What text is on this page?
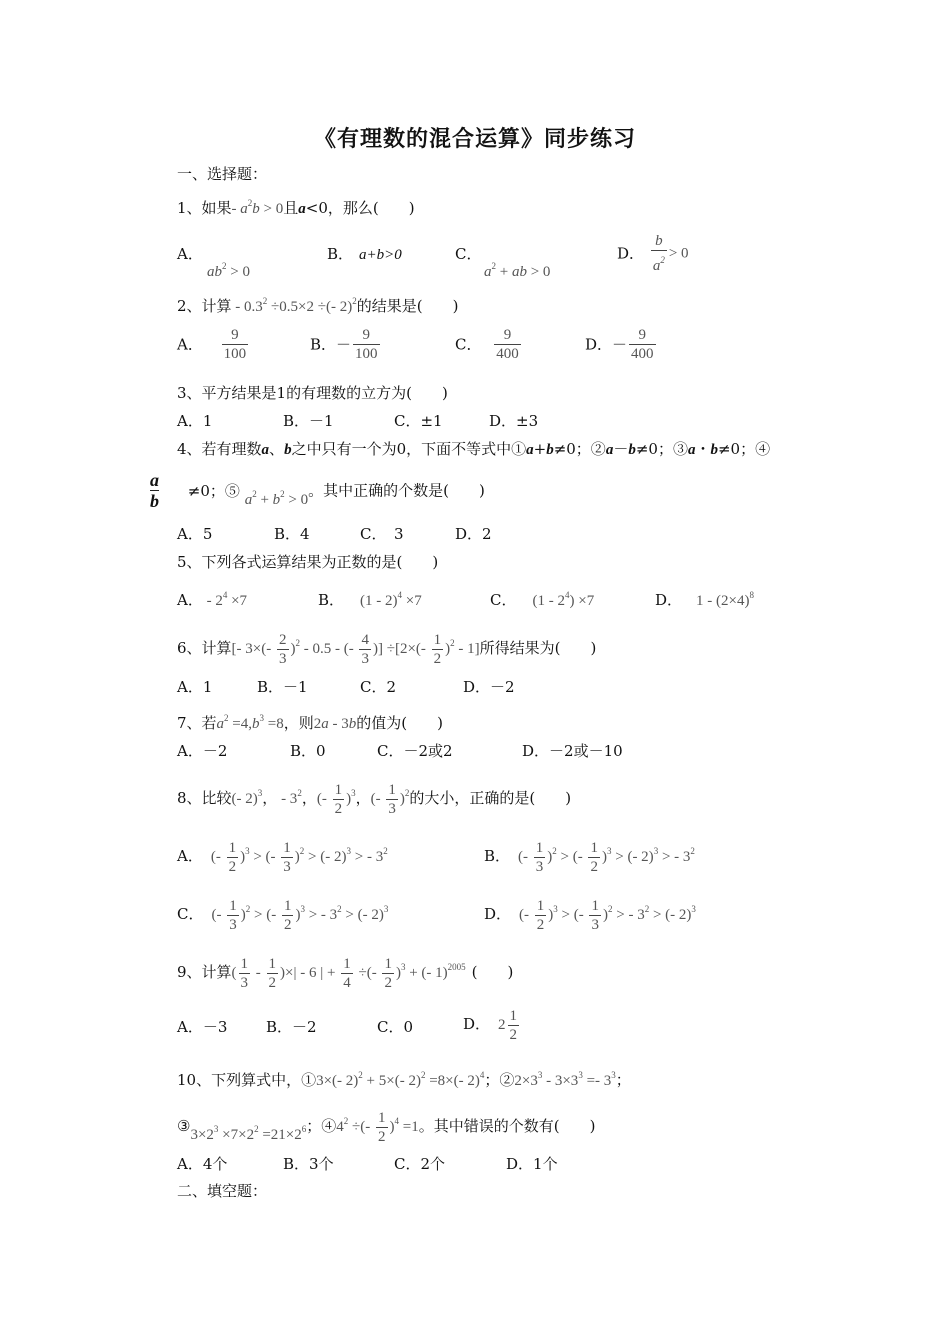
《有理数的混合运算》同步练习
一、选择题：
1、如果- $a^2b > 0$且a<0，那么(　　)
A．
$ab^2 > 0$
B． a+b>0	C．
$a^2$ + ab > 0
D． $\frac{b}{a^2} > 0$
2、计算 - $0.3^2 \div 0.5\times 2$ ÷(- 2)$^2$的结果是(　　)
A． $\frac{9}{100}$	B．－ $\frac{9}{100}$	C． $\frac{9}{400}$	D．－ $\frac{9}{400}$
3、平方结果是1的有理数的立方为(　　)
A．1	B．－1	C．±1	D．±3
4、若有理数a、b之中只有一个为0，下面不等式中①a+b≠0；②a－b≠0；③a・b≠0；④
$\frac{a}{b} \ne 0$；⑤ $a^2 + b^2 > 0$。其中正确的个数是(　　)
A．5	B．4	C．　3	D．2
5、下列各式运算结果为正数的是(　　)
A． - $2^4 \times 7$	B． (1 - 2)$^4$ ×7	C． $(1 - 2^4) \times 7$	D． $1 - (2\times 4)^8$
6、计算[- $3\times(- \frac{2}{3} )^2 - 0.5$ - (- $\frac{4}{3}$ )] $\div[2\times(- \frac{1}{2} )^2 - 1]$所得结果为(　　)
A．1	B．－1	C．2	D．－2
7、若$a^2 =4,b^3 =8$，则2a - 3b的值为(　　)
A．－2	B．0	C．－2或2	D．－2或－10
8、比较(- 2)$^3$， - $3^2$，(- $\frac{1}{2} )^3$，(- $\frac{1}{3} )^2$的大小，正确的是(　　)
A． (- $\frac{1}{2} )^3$ > (- $\frac{1}{3} )^2$ > (- 2)$^3$ > - $3^2$	B． (- $\frac{1}{3} )^2$ > (- $\frac{1}{2} )^3$ > (- 2)$^3$ > - $3^2$
C． (- $\frac{1}{3} )^2$ > (- $\frac{1}{2} )^3$ > - $3^2$ > (- 2)$^3$	D． (- $\frac{1}{2} )^3$ > (- $\frac{1}{3} )^2$ > - $3^2$ > (- 2)$^3$
9、计算( $\frac{1}{3} - \frac{1}{2}$ )×| - 6 | + $\frac{1}{4}$ ÷(- $\frac{1}{2} )^3$ + (- 1)$^{2005}$ (　　)
A．－3	B．－2	C．0	D． $2 \frac{1}{2}$
10、下列算式中，①3×(- 2)$^2$ + 5×(- 2)$^2$ =8×(- 2)$^4$；$②2\times 3^3 - 3\times 3^3 =- 3^3$；
$③3\times 2^3 \times 7\times 2^2 =21\times 2^6$；$④4^2$ ÷(- $\frac{1}{2} )^4 =1$。其中错误的个数有(　　)
A．4个	B．3个	C．2个	D．1个
二、填空题：
